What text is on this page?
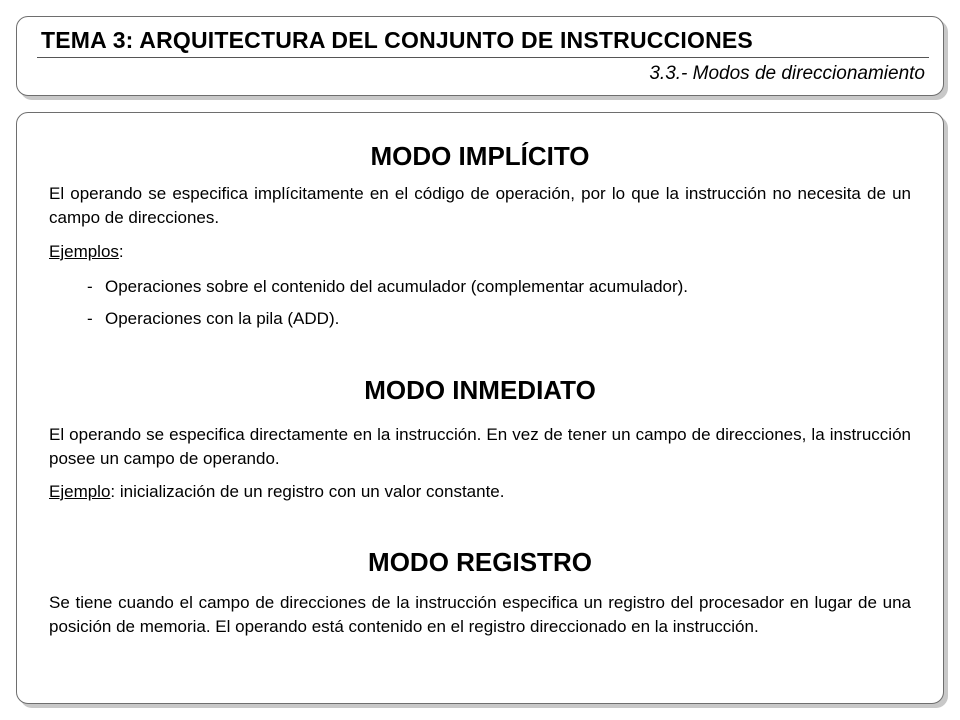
TEMA 3: ARQUITECTURA DEL CONJUNTO DE INSTRUCCIONES
3.3.- Modos de direccionamiento
MODO IMPLÍCITO

El operando se especifica implícitamente en el código de operación, por lo que la instrucción no necesita de un campo de direcciones.

Ejemplos:
- Operaciones sobre el contenido del acumulador (complementar acumulador).
- Operaciones con la pila (ADD).
MODO INMEDIATO

El operando se especifica directamente en la instrucción. En vez de tener un campo de direcciones, la instrucción posee un campo de operando.

Ejemplo: inicialización de un registro con un valor constante.
MODO REGISTRO

Se tiene cuando el campo de direcciones de la instrucción especifica un registro del procesador en lugar de una posición de memoria. El operando está contenido en el registro direccionado en la instrucción.
